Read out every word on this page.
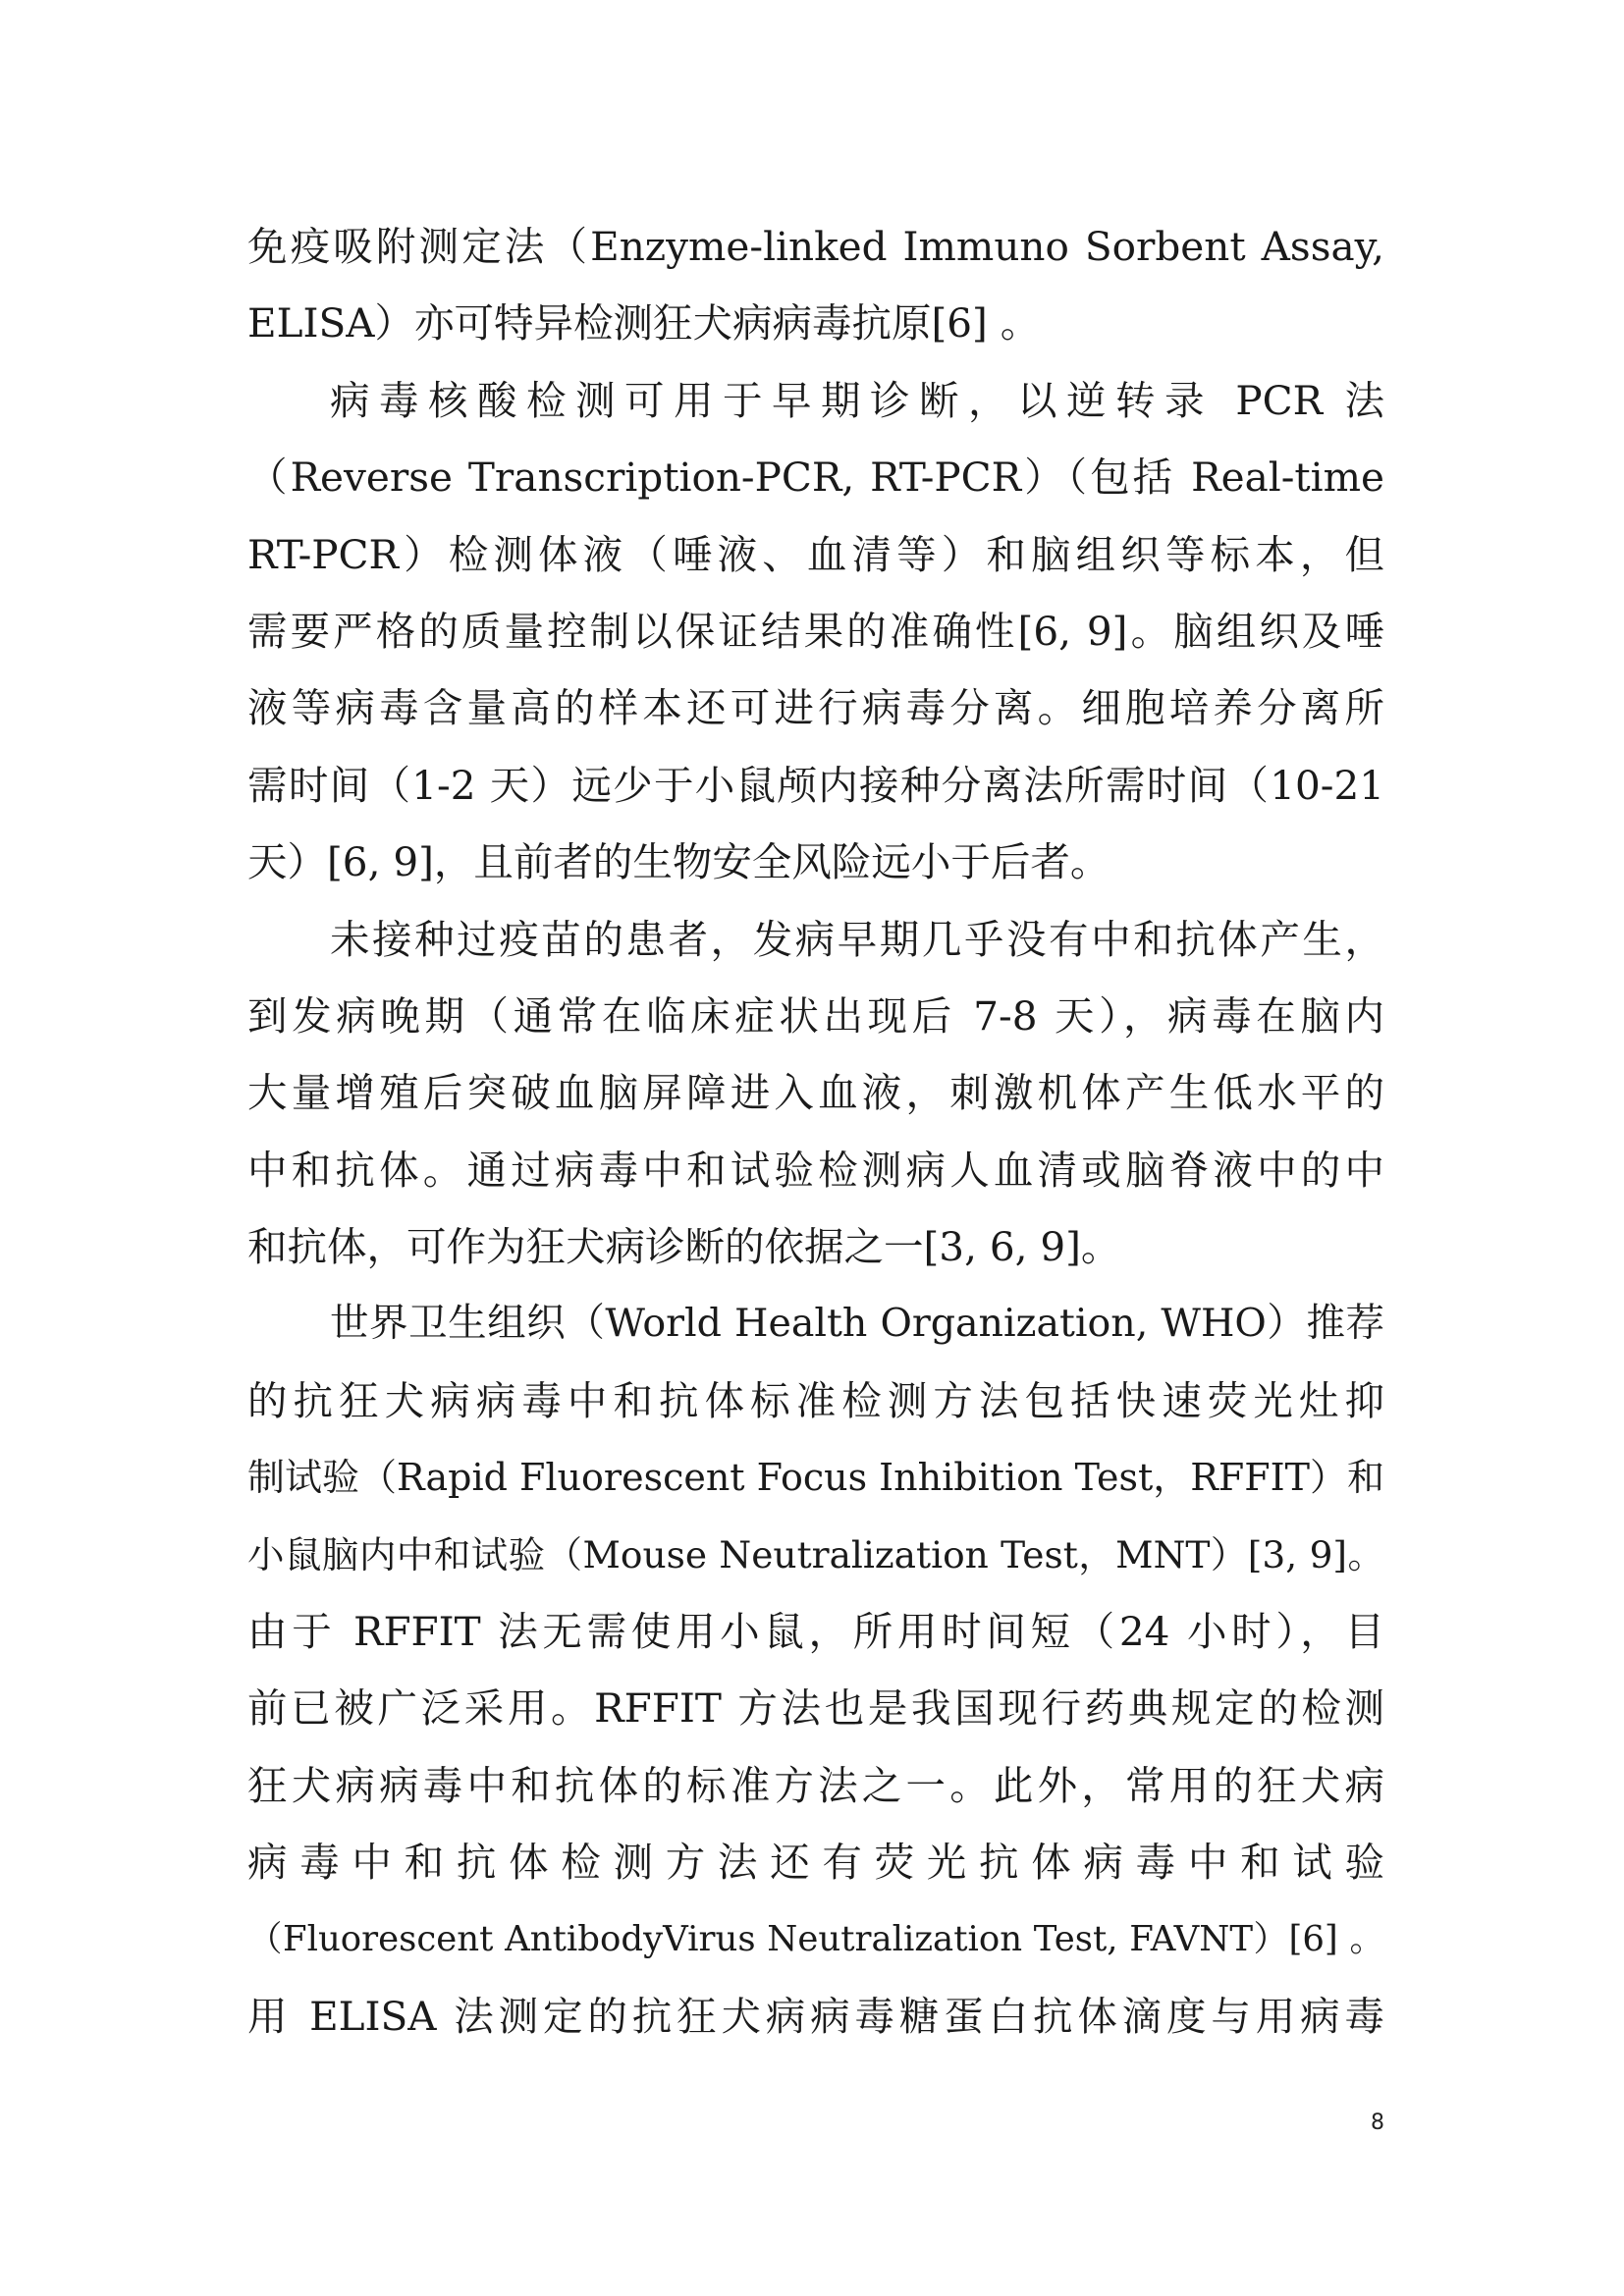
免疫吸附测定法（Enzyme-linked Immuno Sorbent Assay,
ELISA）亦可特异检测狂犬病病毒抗原[6] 。
病毒核酸检测可用于早期诊断，以逆转录 PCR 法
（Reverse Transcription-PCR, RT-PCR）（包括 Real-time
RT-PCR）检测体液（唾液、血清等）和脑组织等标本，但
需要严格的质量控制以保证结果的准确性[6, 9]。脑组织及唾
液等病毒含量高的样本还可进行病毒分离。细胞培养分离所
需时间（1-2 天）远少于小鼠颅内接种分离法所需时间（10-21
天）[6, 9]，且前者的生物安全风险远小于后者。
未接种过疫苗的患者，发病早期几乎没有中和抗体产生，
到发病晚期（通常在临床症状出现后 7-8 天），病毒在脑内
大量增殖后突破血脑屏障进入血液，刺激机体产生低水平的
中和抗体。通过病毒中和试验检测病人血清或脑脊液中的中
和抗体，可作为狂犬病诊断的依据之一[3, 6, 9]。
世界卫生组织（World Health Organization, WHO）推荐
的抗狂犬病病毒中和抗体标准检测方法包括快速荧光灶抑
制试验（Rapid Fluorescent Focus Inhibition Test，RFFIT）和
小鼠脑内中和试验（Mouse Neutralization Test，MNT）[3, 9]。
由于 RFFIT 法无需使用小鼠，所用时间短（24 小时），目
前已被广泛采用。RFFIT 方法也是我国现行药典规定的检测
狂犬病病毒中和抗体的标准方法之一。此外，常用的狂犬病
病毒中和抗体检测方法还有荧光抗体病毒中和试验
（Fluorescent AntibodyVirus Neutralization Test, FAVNT）[6] 。
用 ELISA 法测定的抗狂犬病病毒糖蛋白抗体滴度与用病毒
8
